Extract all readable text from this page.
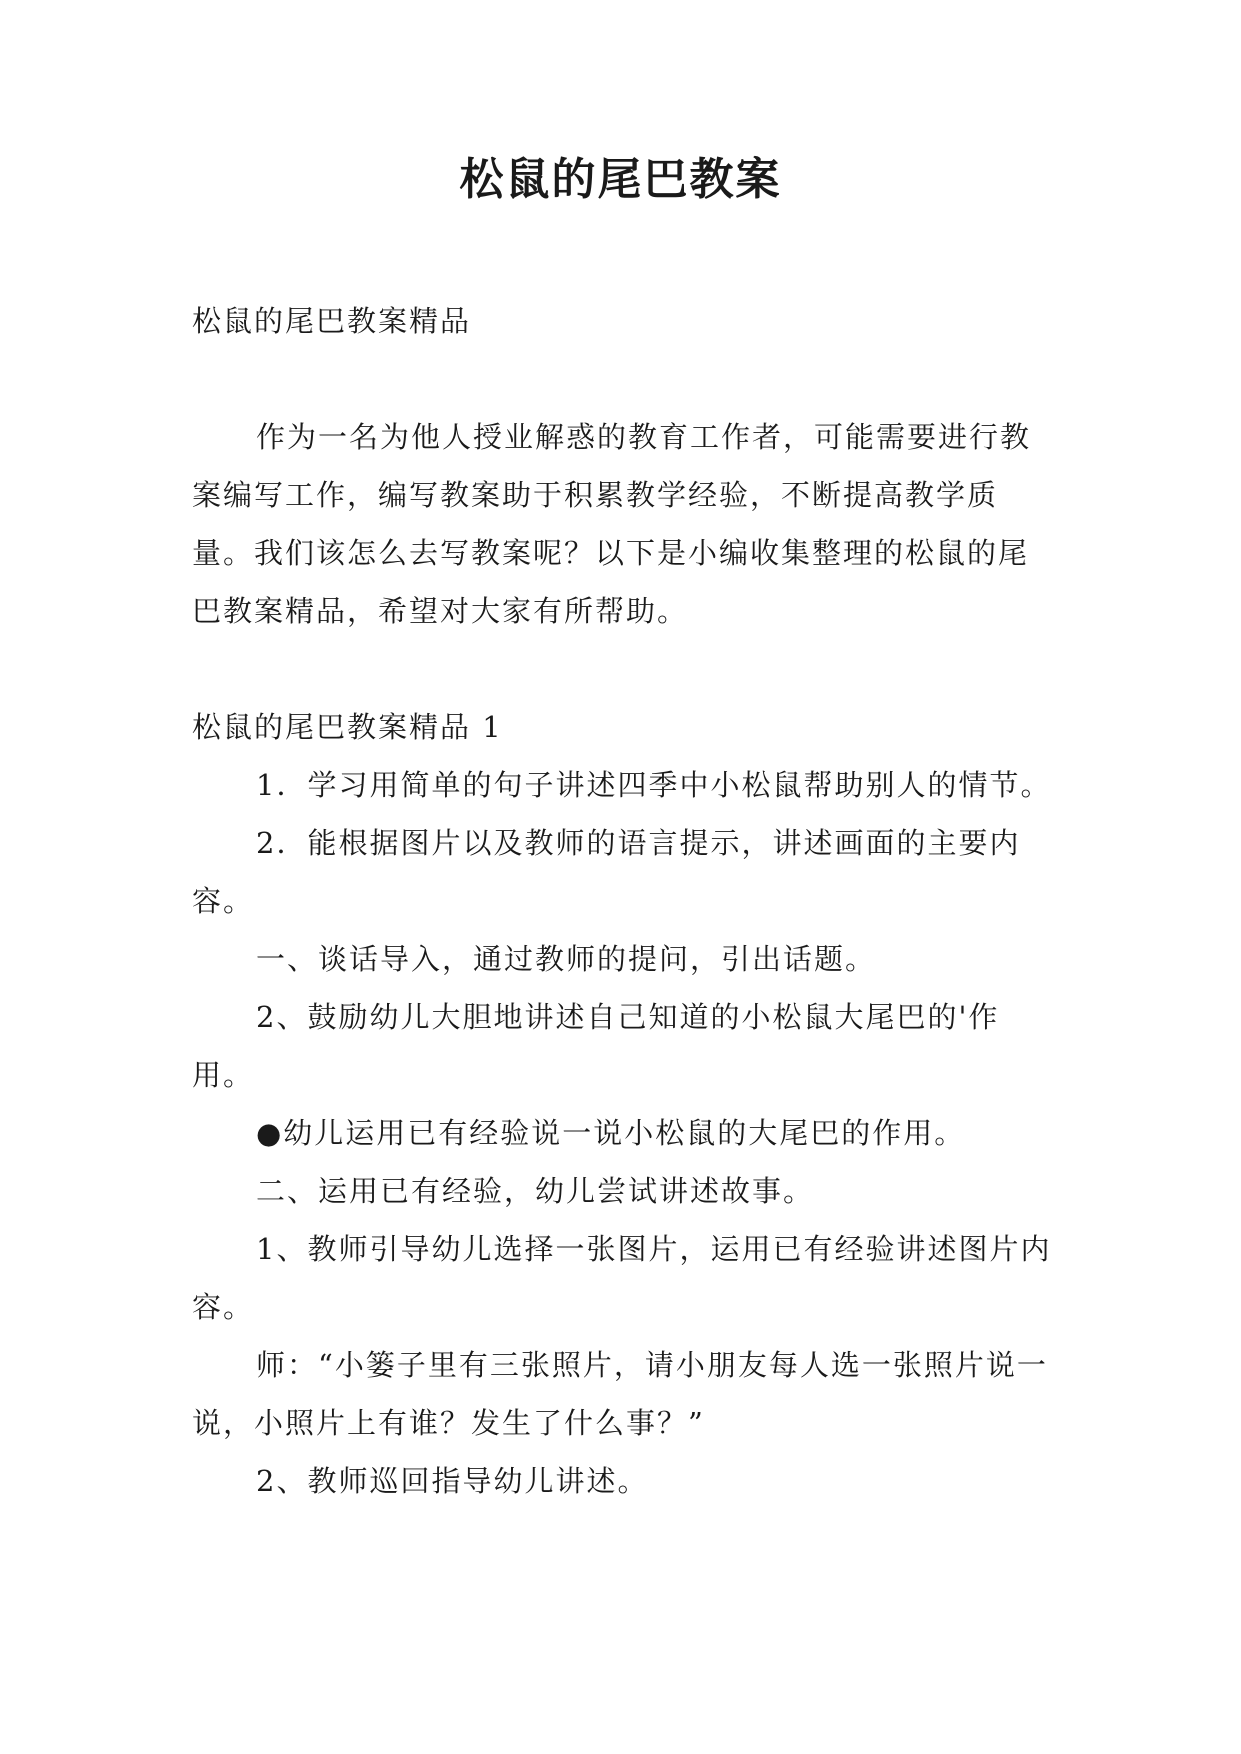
松鼠的尾巴教案

松鼠的尾巴教案精品

作为一名为他人授业解惑的教育工作者，可能需要进行教案编写工作，编写教案助于积累教学经验，不断提高教学质量。我们该怎么去写教案呢？以下是小编收集整理的松鼠的尾巴教案精品，希望对大家有所帮助。

松鼠的尾巴教案精品 1

1．学习用简单的句子讲述四季中小松鼠帮助别人的情节。

2．能根据图片以及教师的语言提示，讲述画面的主要内容。

一、谈话导入，通过教师的提问，引出话题。

2、鼓励幼儿大胆地讲述自己知道的小松鼠大尾巴的'作用。

●幼儿运用已有经验说一说小松鼠的大尾巴的作用。

二、运用已有经验，幼儿尝试讲述故事。

1、教师引导幼儿选择一张图片，运用已有经验讲述图片内容。

师：“小篓子里有三张照片，请小朋友每人选一张照片说一说，小照片上有谁？发生了什么事？”

2、教师巡回指导幼儿讲述。
